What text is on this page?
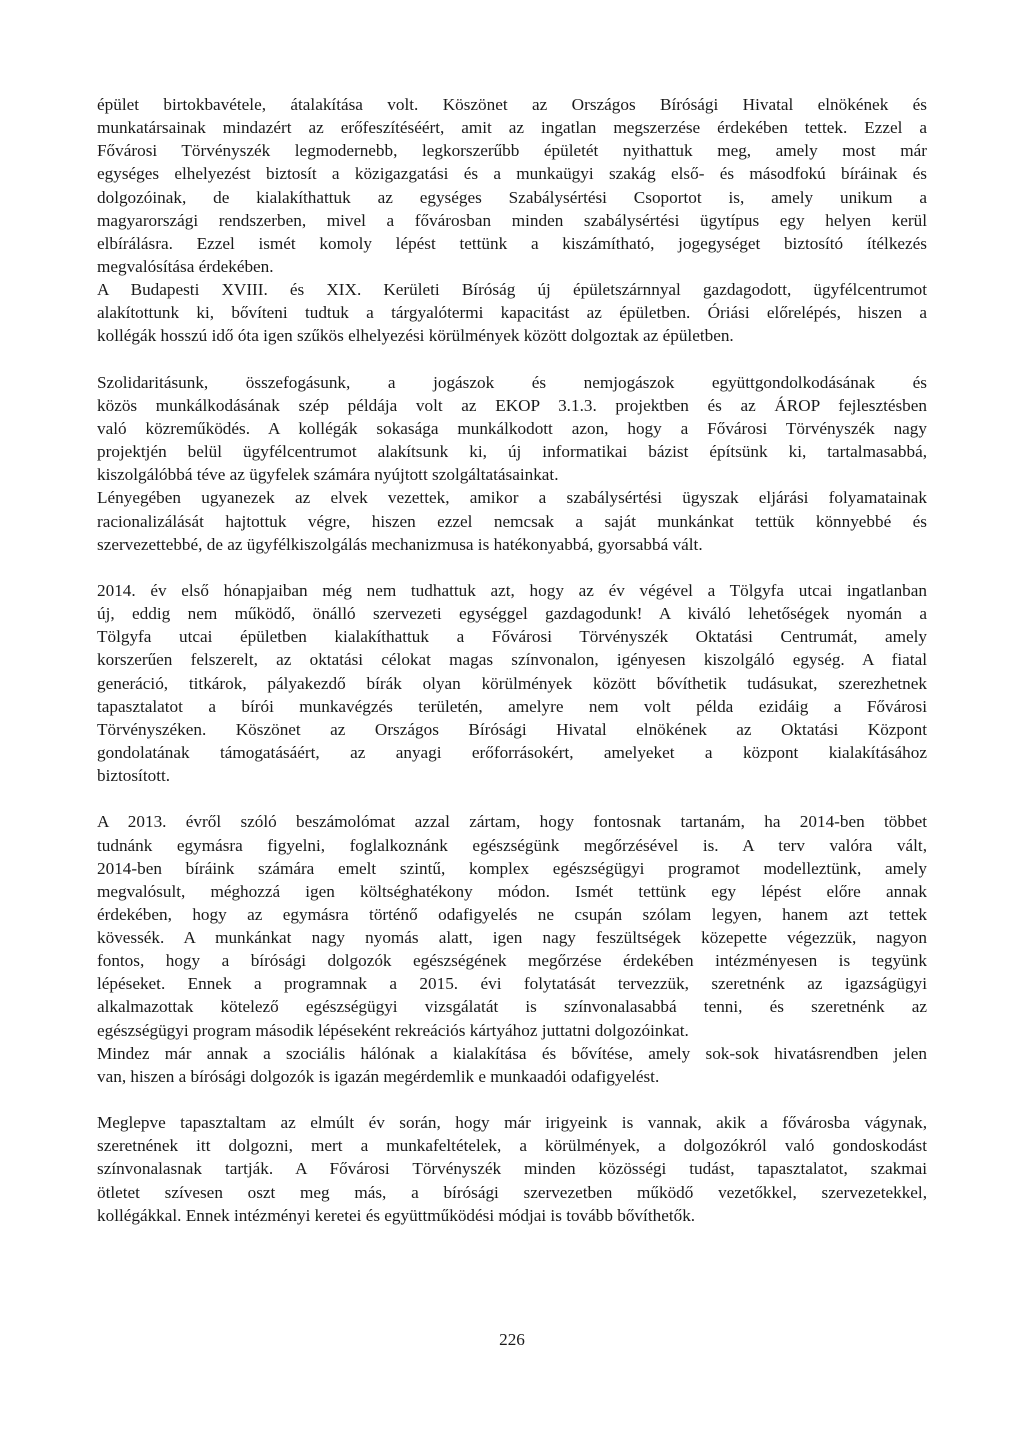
épület birtokbavétele, átalakítása volt. Köszönet az Országos Bírósági Hivatal elnökének és
munkatársainak mindazért az erőfeszítéséért, amit az ingatlan megszerzése érdekében tettek. Ezzel a
Fővárosi Törvényszék legmodernebb, legkorszerűbb épületét nyithattuk meg, amely most már
egységes elhelyezést biztosít a közigazgatási és a munkaügyi szakág első- és másodfokú bíráinak és
dolgozóinak, de kialakíthattuk az egységes Szabálysértési Csoportot is, amely unikum a
magyarországi rendszerben, mivel a fővárosban minden szabálysértési ügytípus egy helyen kerül
elbírálásra. Ezzel ismét komoly lépést tettünk a kiszámítható, jogegységet biztosító ítélkezés
megvalósítása érdekében.
A Budapesti XVIII. és XIX. Kerületi Bíróság új épületszárnnyal gazdagodott, ügyfélcentrumot
alakítottunk ki, bővíteni tudtuk a tárgyalótermi kapacitást az épületben. Óriási előrelépés, hiszen a
kollégák hosszú idő óta igen szűkös elhelyezési körülmények között dolgoztak az épületben.
Szolidaritásunk, összefogásunk, a jogászok és nemjogászok együttgondolkodásának és
közös munkálkodásának szép példája volt az EKOP 3.1.3. projektben és az ÁROP fejlesztésben
való közreműködés. A kollégák sokasága munkálkodott azon, hogy a Fővárosi Törvényszék nagy
projektjén belül ügyfélcentrumot alakítsunk ki, új informatikai bázist építsünk ki, tartalmasabbá,
kiszolgálóbbá téve az ügyfelek számára nyújtott szolgáltatásainkat.
Lényegében ugyanezek az elvek vezettek, amikor a szabálysértési ügyszak eljárási folyamatainak
racionalizálását hajtottuk végre, hiszen ezzel nemcsak a saját munkánkat tettük könnyebbé és
szervezettebbé, de az ügyfélkiszolgálás mechanizmusa is hatékonyabbá, gyorsabbá vált.
2014. év első hónapjaiban még nem tudhattuk azt, hogy az év végével a Tölgyfa utcai ingatlanban
új, eddig nem működő, önálló szervezeti egységgel gazdagodunk! A kiváló lehetőségek nyomán a
Tölgyfa utcai épületben kialakíthattuk a Fővárosi Törvényszék Oktatási Centrumát, amely
korszerűen felszerelt, az oktatási célokat magas színvonalon, igényesen kiszolgáló egység. A fiatal
generáció, titkárok, pályakezdő bírák olyan körülmények között bővíthetik tudásukat, szerezhetnek
tapasztalatot a bírói munkavégzés területén, amelyre nem volt példa ezidáig a Fővárosi
Törvényszéken. Köszönet az Országos Bírósági Hivatal elnökének az Oktatási Központ
gondolatának támogatásáért, az anyagi erőforrásokért, amelyeket a központ kialakításához
biztosított.
A 2013. évről szóló beszámolómat azzal zártam, hogy fontosnak tartanám, ha 2014-ben többet
tudnánk egymásra figyelni, foglalkoznánk egészségünk megőrzésével is. A terv valóra vált,
2014-ben bíráink számára emelt szintű, komplex egészségügyi programot modelleztünk, amely
megvalósult, méghozzá igen költséghatékony módon. Ismét tettünk egy lépést előre annak
érdekében, hogy az egymásra történő odafigyelés ne csupán szólam legyen, hanem azt tettek
kövessék. A munkánkat nagy nyomás alatt, igen nagy feszültségek közepette végezzük, nagyon
fontos, hogy a bírósági dolgozók egészségének megőrzése érdekében intézményesen is tegyünk
lépéseket. Ennek a programnak a 2015. évi folytatását tervezzük, szeretnénk az igazságügyi
alkalmazottak kötelező egészségügyi vizsgálatát is színvonalasabbá tenni, és szeretnénk az
egészségügyi program második lépéseként rekreációs kártyához juttatni dolgozóinkat.
Mindez már annak a szociális hálónak a kialakítása és bővítése, amely sok-sok hivatásrendben jelen
van, hiszen a bírósági dolgozók is igazán megérdemlik e munkaadói odafigyelést.
Meglepve tapasztaltam az elmúlt év során, hogy már irigyeink is vannak, akik a fővárosba vágynak,
szeretnének itt dolgozni, mert a munkafeltételek, a körülmények, a dolgozókról való gondoskodást
színvonalasnak tartják. A Fővárosi Törvényszék minden közösségi tudást, tapasztalatot, szakmai
ötletet szívesen oszt meg más, a bírósági szervezetben működő vezetőkkel, szervezetekkel,
kollégákkal. Ennek intézményi keretei és együttműködési módjai is tovább bővíthetők.
226
